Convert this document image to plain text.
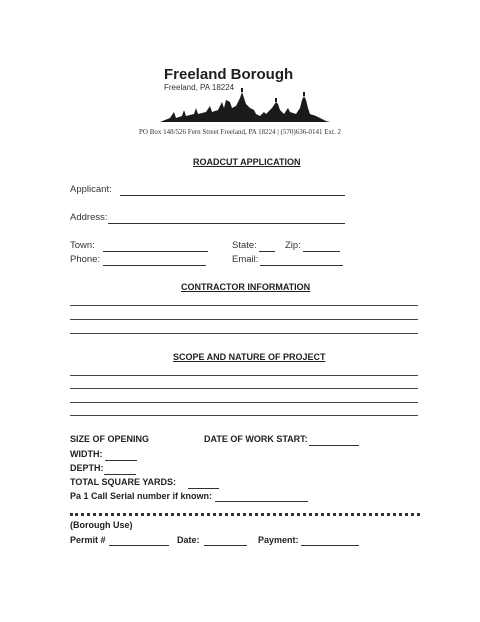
Freeland Borough
Freeland, PA 18224
PO Box 148/526 Fern Street Freeland, PA 18224 | (570)636-0141 Ext. 2
ROADCUT APPLICATION
Applicant:
Address:
Town:	State:	Zip:
Phone:	Email:
CONTRACTOR INFORMATION
SCOPE AND NATURE OF PROJECT
SIZE OF OPENING	DATE OF WORK START:
WIDTH:
DEPTH:
TOTAL SQUARE YARDS:
Pa 1 Call Serial number if known:
(Borough Use)
Permit #	Date:	Payment:
